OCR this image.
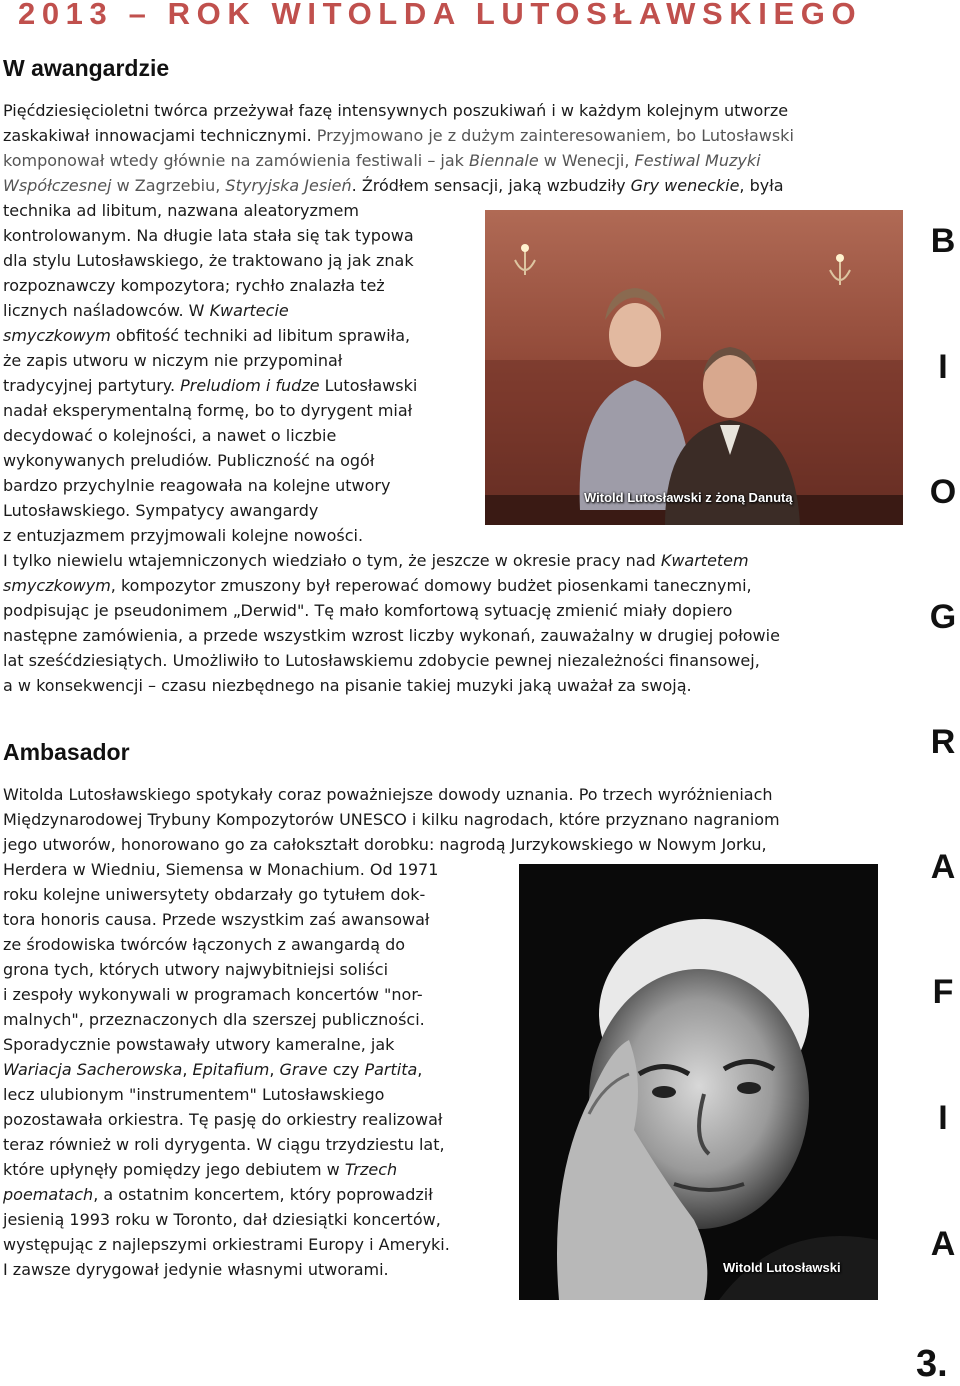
2013 – ROK WITOLDA LUTOSŁAWSKIEGO
W awangardzie
Pięćdziesięcioletni twórca przeżywał fazę intensywnych poszukiwań i w każdym kolejnym utworze
zaskakiwał innowacjami technicznymi. Przyjmowano je z dużym zainteresowaniem, bo Lutosławski
komponował wtedy głównie na zamówienia festiwali – jak Biennale w Wenecji, Festiwal Muzyki
Współczesnej w Zagrzebiu, Styryjska Jesień. Źródłem sensacji, jaką wzbudziły Gry weneckie, była
technika ad libitum, nazwana aleatoryzmem
kontrolowanym. Na długie lata stała się tak typowa
dla stylu Lutosławskiego, że traktowano ją jak znak
rozpoznawczy kompozytora; rychło znalazła też
licznych naśladowców. W Kwartecie
smyczkowym obfitość techniki ad libitum sprawiła,
że zapis utworu w niczym nie przypominał
tradycyjnej partytury. Preludiom i fudze Lutosławski
nadał eksperymentalną formę, bo to dyrygent miał
decydować o kolejności, a nawet o liczbie
wykonywanych preludiów. Publiczność na ogół
bardzo przychylnie reagowała na kolejne utwory
Lutosławskiego. Sympatycy awangardy
z entuzjazmem przyjmowali kolejne nowości.
I tylko niewielu wtajemniczonych wiedziało o tym, że jeszcze w okresie pracy nad Kwartetem
smyczkowym, kompozytor zmuszony był reperować domowy budżet piosenkami tanecznymi,
podpisując je pseudonimem „Derwid". Tę mało komfortową sytuację zmienić miały dopiero
następne zamówienia, a przede wszystkim wzrost liczby wykonań, zauważalny w drugiej połowie
lat sześćdziesiątych. Umożliwiło to Lutosławskiemu zdobycie pewnej niezależności finansowej,
a w konsekwencji – czasu niezbędnego na pisanie takiej muzyki jaką uważał za swoją.
Ambasador
Witolda Lutosławskiego spotykały coraz poważniejsze dowody uznania. Po trzech wyróżnieniach
Międzynarodowej Trybuny Kompozytorów UNESCO i kilku nagrodach, które przyznano nagraniom
jego utworów, honorowano go za całokształt dorobku: nagrodą Jurzykowskiego w Nowym Jorku,
Herdera w Wiedniu, Siemensa w Monachium. Od 1971
roku kolejne uniwersytety obdarzały go tytułem dok-
tora honoris causa. Przede wszystkim zaś awansował
ze środowiska twórców łączonych z awangardą do
grona tych, których utwory najwybitniejsi soliści
i zespoły wykonywali w programach koncertów "nor-
malnych", przeznaczonych dla szerszej publiczności.
Sporadycznie powstawały utwory kameralne, jak
Wariacja Sacherowska, Epitafium, Grave czy Partita,
lecz ulubionym "instrumentem" Lutosławskiego
pozostawała orkiestra. Tę pasję do orkiestry realizował
teraz również w roli dyrygenta. W ciągu trzydziestu lat,
które upłynęły pomiędzy jego debiutem w Trzech
poematach, a ostatnim koncertem, który poprowadził
jesienią 1993 roku w Toronto, dał dziesiątki koncertów,
występując z najlepszymi orkiestrami Europy i Ameryki.
I zawsze dyrygował jedynie własnymi utworami.
Witold Lutosławski z żoną Danutą
Witold Lutosławski
B
I
O
G
R
A
F
I
A
3.
